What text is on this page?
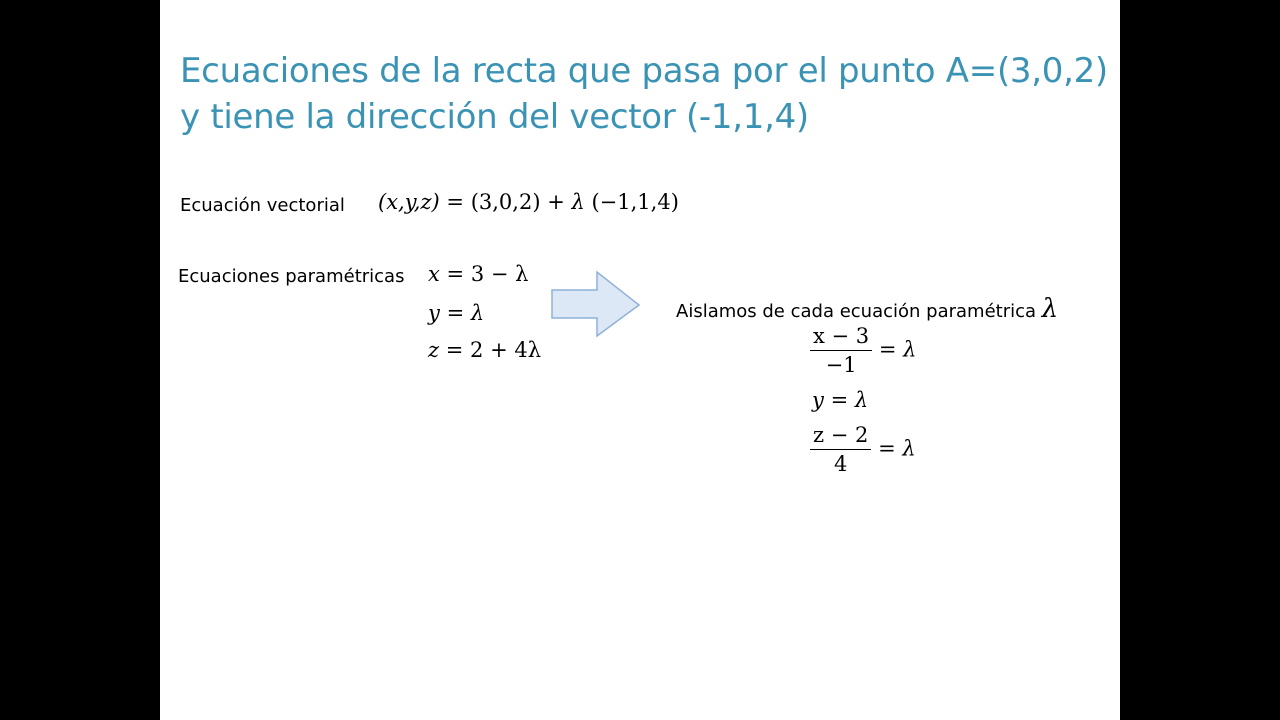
Ecuaciones de la recta que pasa por el punto A=(3,0,2) y tiene la dirección del vector (-1,1,4)
Ecuación vectorial (x,y,z) = (3,0,2) + λ (−1,1,4)
Ecuaciones paramétricas x = 3 − λ
y = λ
z = 2 + 4λ
Aislamos de cada ecuación paramétrica λ
$\frac{x - 3}{-1} = \lambda$
y = λ
$\frac{z - 2}{4} = \lambda$
